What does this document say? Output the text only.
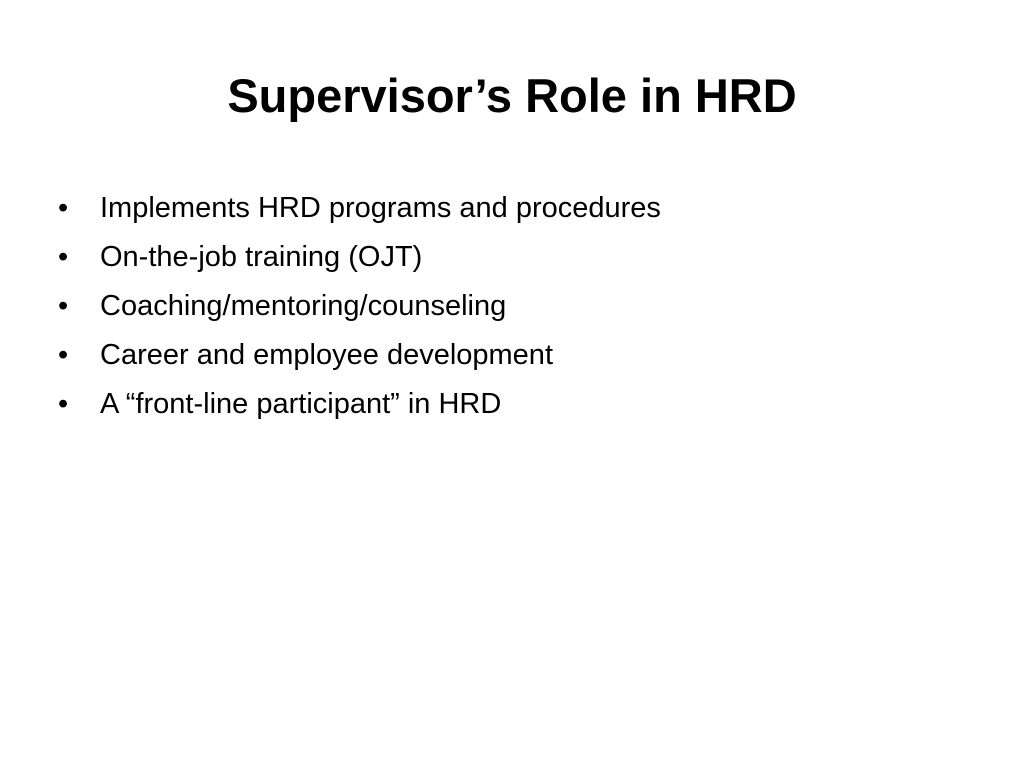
Supervisor’s Role in HRD
•	Implements HRD programs and procedures
•	On-the-job training (OJT)
•	Coaching/mentoring/counseling
•	Career and employee development
•	A “front-line participant” in HRD
